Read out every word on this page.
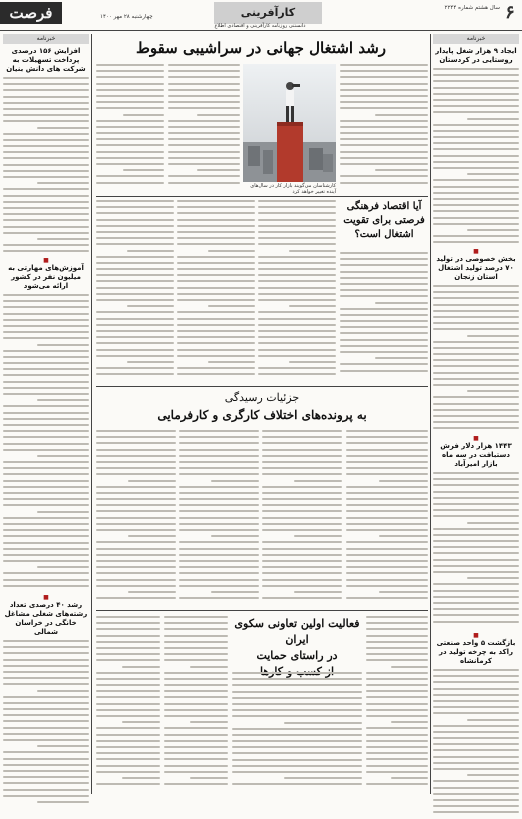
۶
فرصت	کارآفرینی	سال هشتم شماره ۲۲۴۴
چهارشنبه ۲۸ مهر ۱۴۰۰
دانستنی روزنامه کارآفرینی و اقتصادی اطلاع
خبرنامه
افزایش ۱۵۶ درصدی پرداخت تسهیلات به شرکت های دانش بنیان
■
آموزش‌های مهارتی به میلیون نفر در کشور ارائه می‌شود
■
رشد ۴۰ درصدی تعداد رشته‌های شغلی مشاغل خانگی در خراسان شمالی
خبرنامه
ایجاد ۹ هزار شغل پایدار روستایی در کردستان
■
بخش خصوصی در تولید ۷۰ درصد تولید اشتغال استان زنجان
■
۱۴۴۳ هزار دلار فرش دستبافت در سه ماه بازار امیرآباد
■
بازگشت ۵ واحد صنعتی راکد به چرخه تولید در کرمانشاه
رشد اشتغال جهانی در سراشیبی سقوط
کارشناسان می‌گویند بازار کار در سال‌های آینده تغییر خواهد کرد
آیا اقتصاد فرهنگی فرصتی برای تقویت اشتغال است؟
جزئیات رسیدگی
به پرونده‌های اختلاف کارگری و کارفرمایی
فعالیت اولین تعاونی سکوی ایران
در راستای حمایت
